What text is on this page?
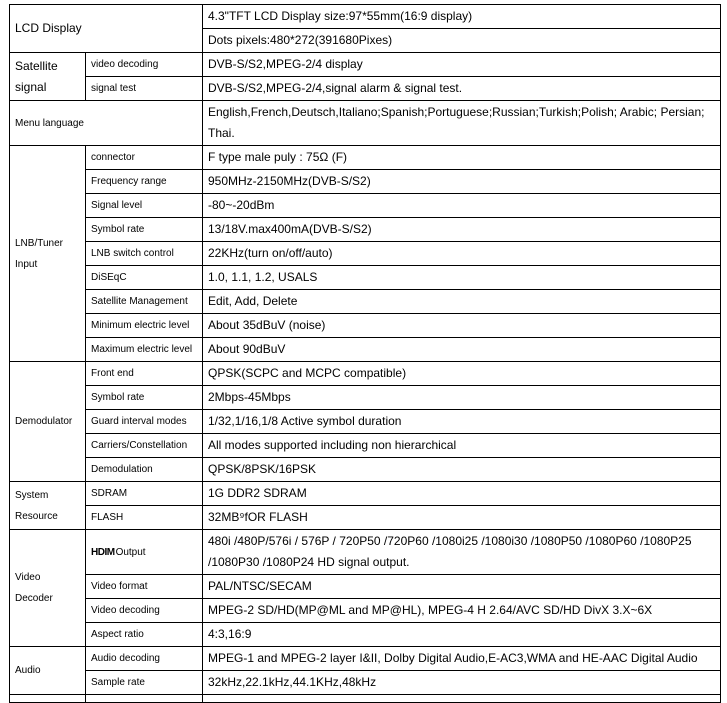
LCD Display		4.3"TFT LCD Display size:97*55mm(16:9 display)
		Dots pixels:480*272(391680Pixes)

Satellite
signal	video decoding	DVB-S/S2,MPEG-2/4 display
	signal test	DVB-S/S2,MPEG-2/4,signal alarm & signal test.
Menu language		English,French,Deutsch,Italiano;Spanish;Portuguese;Russian;Turkish;Polish; Arabic; Persian; Thai.

LNB/Tuner
Input	connector	F type male puly : 75Ω (F)
	Frequency range	950MHz-2150MHz(DVB-S/S2)
	Signal level	-80~-20dBm
	Symbol rate	13/18V.max400mA(DVB-S/S2)
	LNB switch control	22KHz(turn on/off/auto)
	DiSEqC	1.0, 1.1, 1.2, USALS
	Satellite Management	Edit, Add, Delete
	Minimum electric level	About 35dBuV (noise)
	Maximum electric level	About 90dBuV
Demodulator	Front end	QPSK(SCPC and MCPC compatible)
	Symbol rate	2Mbps-45Mbps
	Guard interval modes	1/32,1/16,1/8 Active symbol duration
	Carriers/Constellation	All modes supported including non hierarchical
	Demodulation	QPSK/8PSK/16PSK

System
Resource	SDRAM	1G DDR2 SDRAM
	FLASH	32MB⁹fOR FLASH

Video
Decoder	HDIMOutput	480i /480P/576i / 576P / 720P50 /720P60 /1080i25 /1080i30 /1080P50 /1080P60 /1080P25 /1080P30 /1080P24 HD signal output.
	Video format	PAL/NTSC/SECAM
	Video decoding	MPEG-2 SD/HD(MP@ML and MP@HL), MPEG-4 H 2.64/AVC SD/HD DivX 3.X~6X
	Aspect ratio	4:3,16:9
Audio	Audio decoding	MPEG-1 and MPEG-2 layer I&II, Dolby Digital Audio,E-AC3,WMA and HE-AAC Digital Audio
	Sample rate	32kHz,22.1kHz,44.1KHz,48kHz
